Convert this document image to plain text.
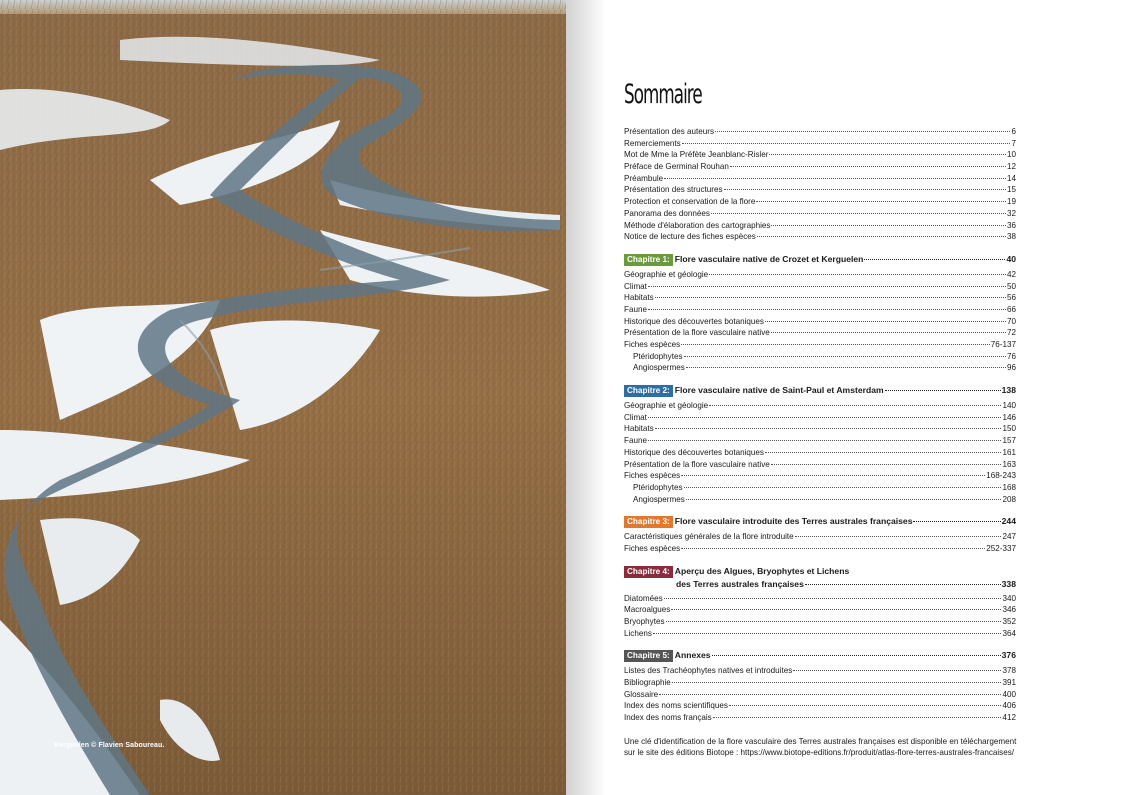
Kerguelen © Flavien Saboureau.
Sommaire
Présentation des auteurs	6
Remerciements	7
Mot de Mme la Préfète Jeanblanc-Risler	10
Préface de Germinal Rouhan	12
Préambule	14
Présentation des structures	15
Protection et conservation de la flore	19
Panorama des données	32
Méthode d'élaboration des cartographies	36
Notice de lecture des fiches espèces	38
Chapitre 1: Flore vasculaire native de Crozet et Kerguelen	40
Géographie et géologie	42
Climat	50
Habitats	56
Faune	66
Historique des découvertes botaniques	70
Présentation de la flore vasculaire native	72
Fiches espèces	76-137
Ptéridophytes	76
Angiospermes	96
Chapitre 2: Flore vasculaire native de Saint-Paul et Amsterdam	138
Géographie et géologie	140
Climat	146
Habitats	150
Faune	157
Historique des découvertes botaniques	161
Présentation de la flore vasculaire native	163
Fiches espèces	168-243
Ptéridophytes	168
Angiospermes	208
Chapitre 3: Flore vasculaire introduite des Terres australes françaises	244
Caractéristiques générales de la flore introduite	247
Fiches espèces	252-337
Chapitre 4: Aperçu des Algues, Bryophytes et Lichens
des Terres australes françaises	338
Diatomées	340
Macroalgues	346
Bryophytes	352
Lichens	364
Chapitre 5: Annexes	376
Listes des Trachéophytes natives et introduites	378
Bibliographie	391
Glossaire	400
Index des noms scientifiques	406
Index des noms français	412
Une clé d'identification de la flore vasculaire des Terres australes françaises est disponible en téléchargement
sur le site des éditions Biotope : https://www.biotope-editions.fr/produit/atlas-flore-terres-australes-francaises/
